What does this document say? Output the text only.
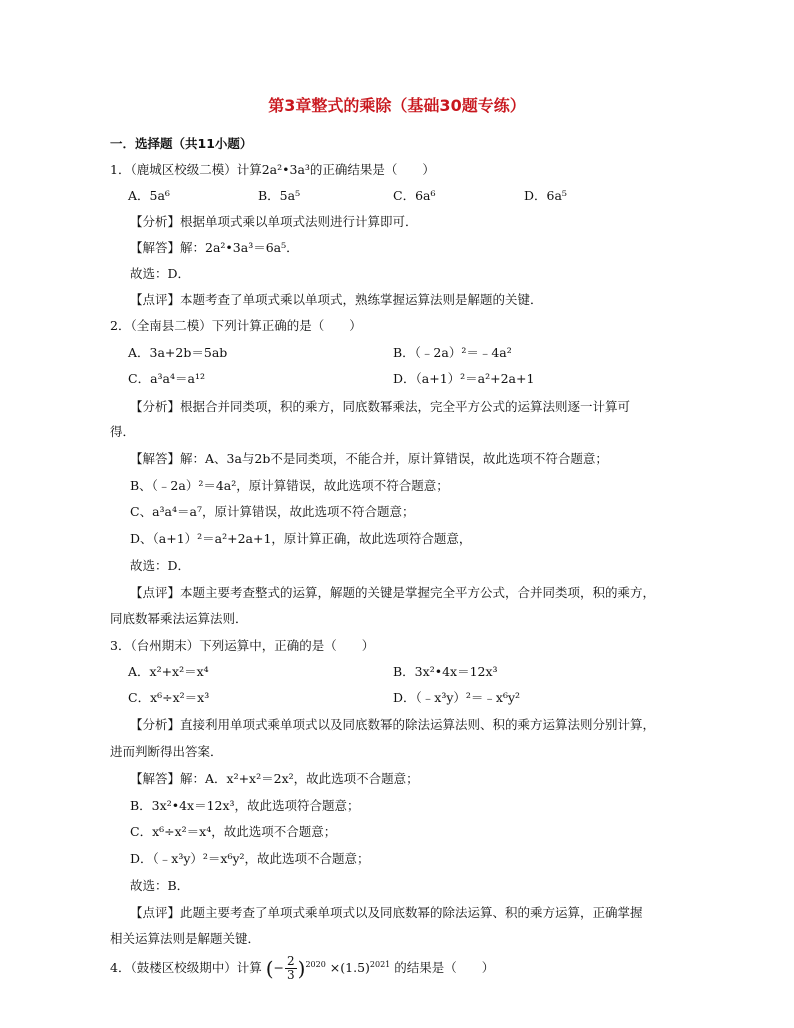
第3章整式的乘除（基础30题专练）
一．选择题（共11小题）
1．（鹿城区校级二模）计算2a²•3a³的正确结果是（　　）
A．5a⁶	B．5a⁵	C．6a⁶	D．6a⁵
【分析】根据单项式乘以单项式法则进行计算即可．
【解答】解：2a²•3a³＝6a⁵．
故选：D．
【点评】本题考查了单项式乘以单项式，熟练掌握运算法则是解题的关键．
2．（全南县二模）下列计算正确的是（　　）
A．3a+2b＝5ab	B．（﹣2a）²＝﹣4a²
C．a³a⁴＝a¹²	D．（a+1）²＝a²+2a+1
【分析】根据合并同类项，积的乘方，同底数幂乘法，完全平方公式的运算法则逐一计算可
得．
【解答】解：A、3a与2b不是同类项，不能合并，原计算错误，故此选项不符合题意；
B、（﹣2a）²＝4a²，原计算错误，故此选项不符合题意；
C、a³a⁴＝a⁷，原计算错误，故此选项不符合题意；
D、（a+1）²＝a²+2a+1，原计算正确，故此选项符合题意，
故选：D．
【点评】本题主要考查整式的运算，解题的关键是掌握完全平方公式，合并同类项，积的乘方，
同底数幂乘法运算法则．
3．（台州期末）下列运算中，正确的是（　　）
A．x²+x²＝x⁴	B．3x²•4x＝12x³
C．x⁶÷x²＝x³	D．（﹣x³y）²＝﹣x⁶y²
【分析】直接利用单项式乘单项式以及同底数幂的除法运算法则、积的乘方运算法则分别计算，
进而判断得出答案．
【解答】解：A．x²+x²＝2x²，故此选项不合题意；
B．3x²•4x＝12x³，故此选项符合题意；
C．x⁶÷x²＝x⁴，故此选项不合题意；
D．（﹣x³y）²＝x⁶y²，故此选项不合题意；
故选：B．
【点评】此题主要考查了单项式乘单项式以及同底数幂的除法运算、积的乘方运算，正确掌握
相关运算法则是解题关键．
4．（鼓楼区校级期中）计算 (− $\frac{2}{3} )^{2020} \times(1.5)^{2021}$ 的结果是（　　）
